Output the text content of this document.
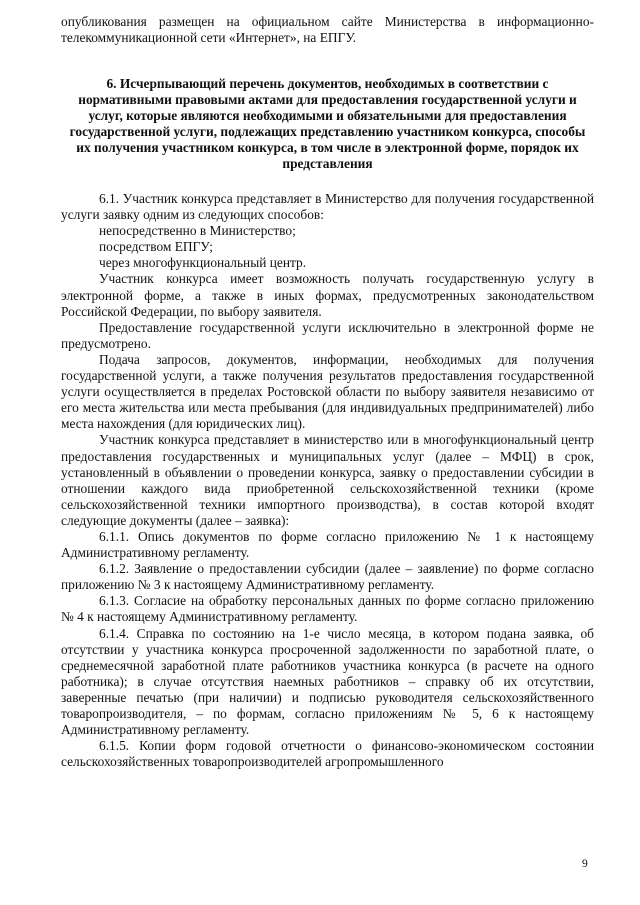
опубликования размещен на официальном сайте Министерства в информационно-телекоммуникационной сети «Интернет», на ЕПГУ.
6. Исчерпывающий перечень документов, необходимых в соответствии с нормативными правовыми актами для предоставления государственной услуги и услуг, которые являются необходимыми и обязательными для предоставления государственной услуги, подлежащих представлению участником конкурса, способы их получения участником конкурса, в том числе в электронной форме, порядок их представления

6.1. Участник конкурса представляет в Министерство для получения государственной услуги заявку одним из следующих способов:

непосредственно в Министерство;

посредством ЕПГУ;

через многофункциональный центр.

Участник конкурса имеет возможность получать государственную услугу в электронной форме, а также в иных формах, предусмотренных законодательством Российской Федерации, по выбору заявителя.

Предоставление государственной услуги исключительно в электронной форме не предусмотрено.

Подача запросов, документов, информации, необходимых для получения государственной услуги, а также получения результатов предоставления государственной услуги осуществляется в пределах Ростовской области по выбору заявителя независимо от его места жительства или места пребывания (для индивидуальных предпринимателей) либо места нахождения (для юридических лиц).

Участник конкурса представляет в министерство или в многофункциональный центр предоставления государственных и муниципальных услуг (далее – МФЦ) в срок, установленный в объявлении о проведении конкурса, заявку о предоставлении субсидии в отношении каждого вида приобретенной сельскохозяйственной техники (кроме сельскохозяйственной техники импортного производства), в состав которой входят следующие документы (далее – заявка):

6.1.1. Опись документов по форме согласно приложению № 1 к настоящему Административному регламенту.

6.1.2. Заявление о предоставлении субсидии (далее – заявление) по форме согласно приложению № 3 к настоящему Административному регламенту.

6.1.3. Согласие на обработку персональных данных по форме согласно приложению № 4 к настоящему Административному регламенту.

6.1.4. Справка по состоянию на 1-е число месяца, в котором подана заявка, об отсутствии у участника конкурса просроченной задолженности по заработной плате, о среднемесячной заработной плате работников участника конкурса (в расчете на одного работника); в случае отсутствия наемных работников – справку об их отсутствии, заверенные печатью (при наличии) и подписью руководителя сельскохозяйственного товаропроизводителя, – по формам, согласно приложениям № 5, 6 к настоящему Административному регламенту.

6.1.5. Копии форм годовой отчетности о финансово-экономическом состоянии сельскохозяйственных товаропроизводителей агропромышленного

9
